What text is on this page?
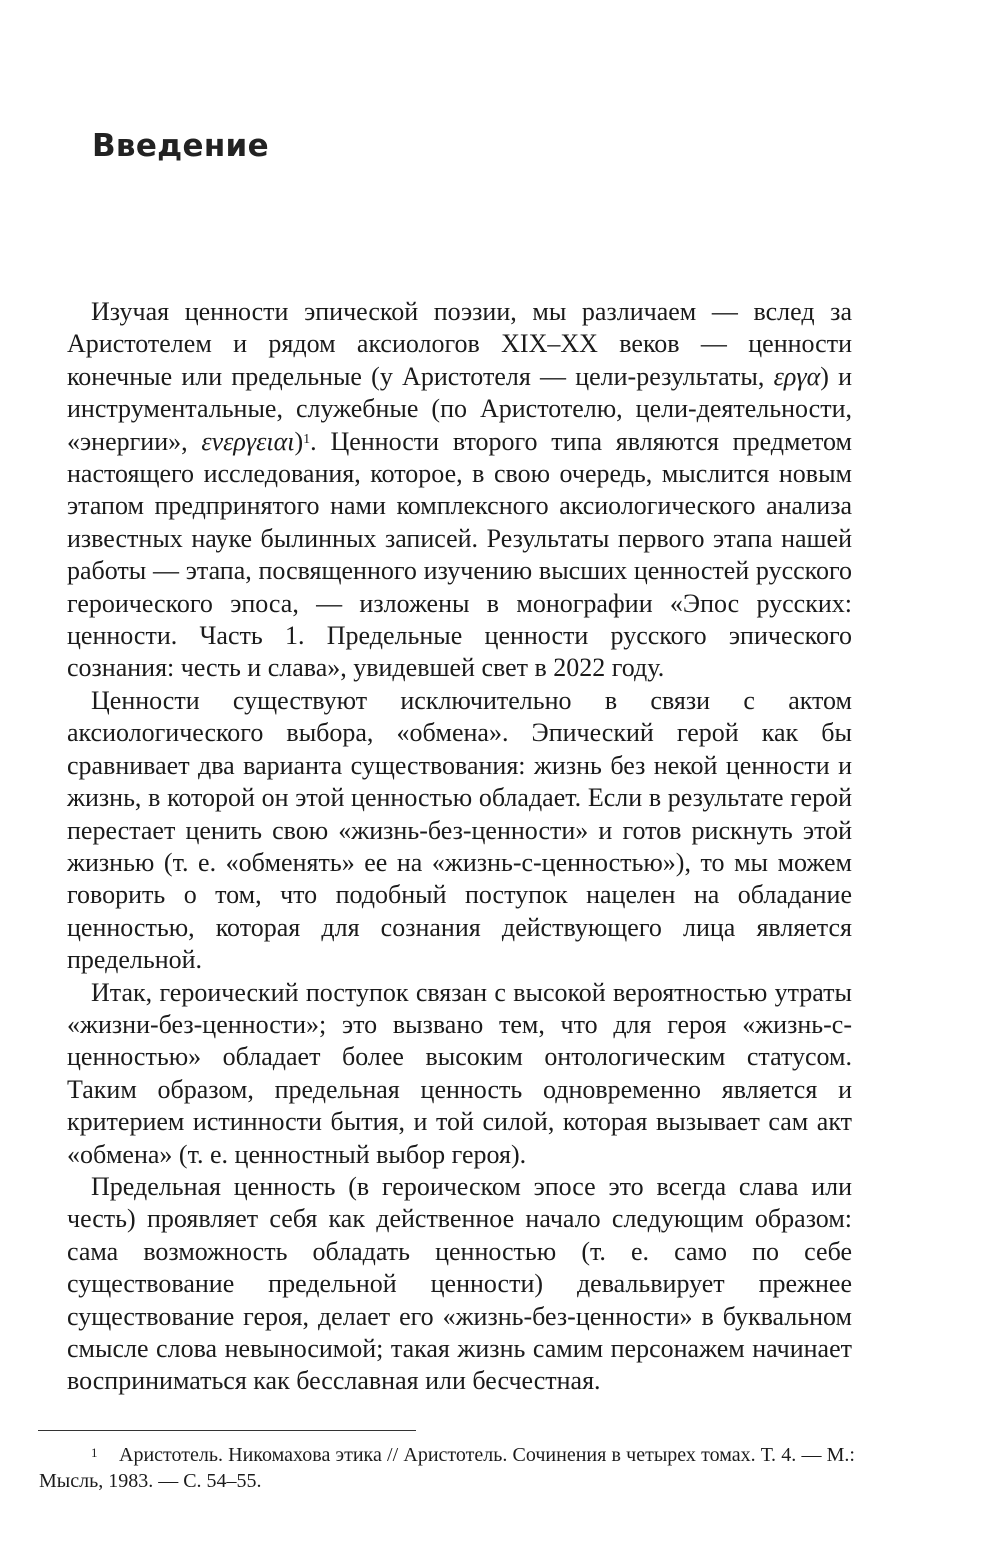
Введение

Изучая ценности эпической поэзии, мы различаем — вслед за Аристотелем и рядом аксиологов XIX–XX веков — ценности конечные или предельные (у Аристотеля — цели-результаты, εργα) и инструментальные, служебные (по Аристотелю, цели-деятельности, «энергии», ενεργειαι)$^1$. Ценности второго типа являются предметом настоящего исследования, которое, в свою очередь, мыслится новым этапом предпринятого нами комплексного аксиологического анализа известных науке былинных записей. Результаты первого этапа нашей работы — этапа, посвященного изучению высших ценностей русского героического эпоса, — изложены в монографии «Эпос русских: ценности. Часть 1. Предельные ценности русского эпического сознания: честь и слава», увидевшей свет в 2022 году.

Ценности существуют исключительно в связи с актом аксиологического выбора, «обмена». Эпический герой как бы сравнивает два варианта существования: жизнь без некой ценности и жизнь, в которой он этой ценностью обладает. Если в результате герой перестает ценить свою «жизнь-без-ценности» и готов рискнуть этой жизнью (т. е. «обменять» ее на «жизнь-с-ценностью»), то мы можем говорить о том, что подобный поступок нацелен на обладание ценностью, которая для сознания действующего лица является предельной.

Итак, героический поступок связан с высокой вероятностью утраты «жизни-без-ценности»; это вызвано тем, что для героя «жизнь-с-ценностью» обладает более высоким онтологическим статусом. Таким образом, предельная ценность одновременно является и критерием истинности бытия, и той силой, которая вызывает сам акт «обмена» (т. е. ценностный выбор героя).

Предельная ценность (в героическом эпосе это всегда слава или честь) проявляет себя как действенное начало следующим образом: сама возможность обладать ценностью (т. е. само по себе существование предельной ценности) девальвирует прежнее существование героя, делает его «жизнь-без-ценности» в буквальном смысле слова невыносимой; такая жизнь самим персонажем начинает восприниматься как бесславная или бесчестная.

1 Аристотель. Никомахова этика // Аристотель. Сочинения в четырех томах. Т. 4. — М.: Мысль, 1983. — С. 54–55.
